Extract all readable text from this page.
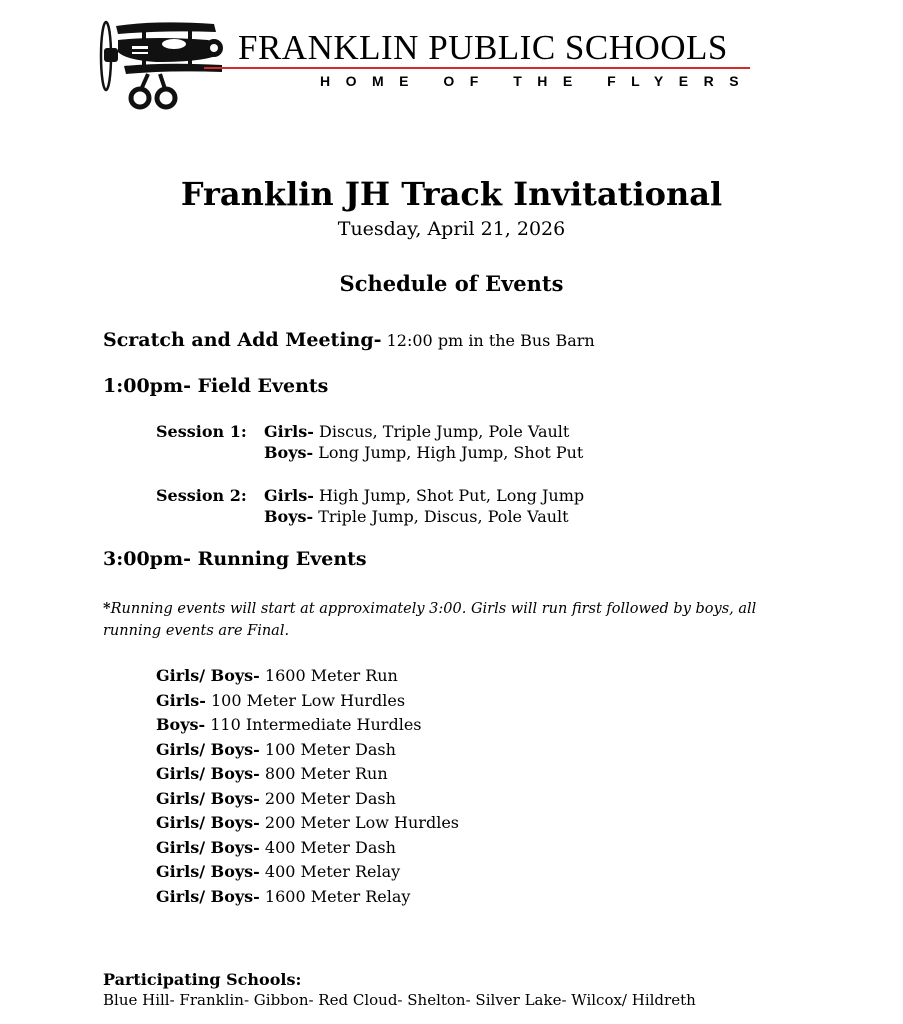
FRANKLIN PUBLIC SCHOOLS
HOME OF THE FLYERS
Franklin JH Track Invitational
Tuesday, April 21, 2026
Schedule of Events
Scratch and Add Meeting- 12:00 pm in the Bus Barn
1:00pm- Field Events
Session 1: Girls- Discus, Triple Jump, Pole Vault
Boys- Long Jump, High Jump, Shot Put
Session 2: Girls- High Jump, Shot Put, Long Jump
Boys- Triple Jump, Discus, Pole Vault
3:00pm- Running Events
*Running events will start at approximately 3:00. Girls will run first followed by boys, all running events are Final.
Girls/ Boys- 1600 Meter Run
Girls- 100 Meter Low Hurdles
Boys- 110 Intermediate Hurdles
Girls/ Boys- 100 Meter Dash
Girls/ Boys- 800 Meter Run
Girls/ Boys- 200 Meter Dash
Girls/ Boys- 200 Meter Low Hurdles
Girls/ Boys- 400 Meter Dash
Girls/ Boys- 400 Meter Relay
Girls/ Boys- 1600 Meter Relay
Participating Schools:
Blue Hill- Franklin- Gibbon- Red Cloud- Shelton- Silver Lake- Wilcox/ Hildreth
